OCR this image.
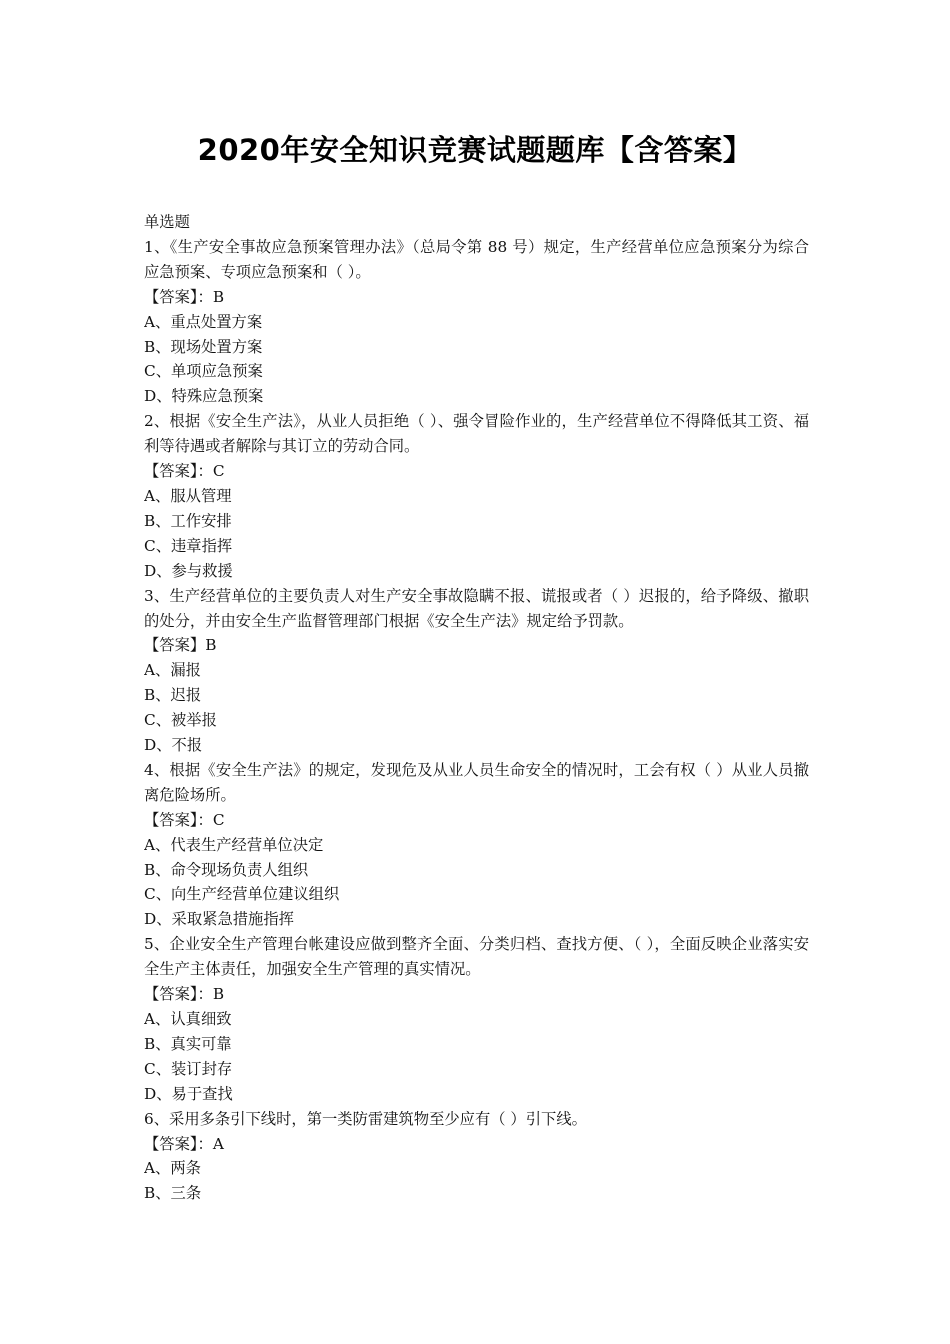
2020年安全知识竞赛试题题库【含答案】
单选题
1、《生产安全事故应急预案管理办法》（总局令第 88 号）规定，生产经营单位应急预案分为综合应急预案、专项应急预案和（ ）。
【答案】：B
A、重点处置方案
B、现场处置方案
C、单项应急预案
D、特殊应急预案
2、根据《安全生产法》，从业人员拒绝（ ）、强令冒险作业的，生产经营单位不得降低其工资、福利等待遇或者解除与其订立的劳动合同。
【答案】：C
A、服从管理
B、工作安排
C、违章指挥
D、参与救援
3、生产经营单位的主要负责人对生产安全事故隐瞒不报、谎报或者（ ）迟报的，给予降级、撤职的处分，并由安全生产监督管理部门根据《安全生产法》规定给予罚款。
【答案】B
A、漏报
B、迟报
C、被举报
D、不报
4、根据《安全生产法》的规定，发现危及从业人员生命安全的情况时，工会有权（ ）从业人员撤离危险场所。
【答案】：C
A、代表生产经营单位决定
B、命令现场负责人组织
C、向生产经营单位建议组织
D、采取紧急措施指挥
5、企业安全生产管理台帐建设应做到整齐全面、分类归档、查找方便、（ ），全面反映企业落实安全生产主体责任，加强安全生产管理的真实情况。
【答案】：B
A、认真细致
B、真实可靠
C、装订封存
D、易于查找
6、采用多条引下线时，第一类防雷建筑物至少应有（ ）引下线。
【答案】：A
A、两条
B、三条
